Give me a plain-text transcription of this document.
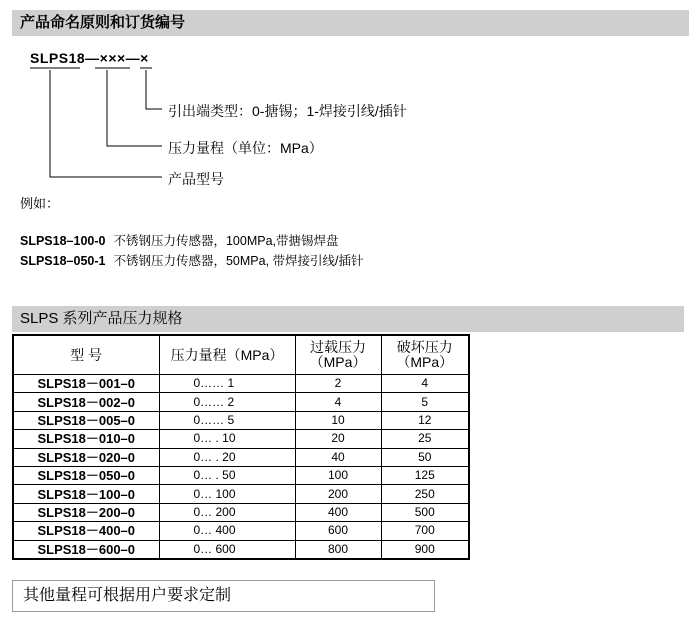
产品命名原则和订货编号
SLPS18—×××—×
引出端类型：0-搪锡；1-焊接引线/插针
压力量程（单位：MPa）
产品型号
例如：
SLPS18–100-0 不锈钢压力传感器，100MPa,带搪锡焊盘
SLPS18–050-1 不锈钢压力传感器，50MPa, 带焊接引线/插针
SLPS 系列产品压力规格
型 号	压力量程（MPa）	过载压力（MPa）	破坏压力（MPa）
SLPS18－001–0	0…… 1	2	4
SLPS18－002–0	0…… 2	4	5
SLPS18－005–0	0…… 5	10	12
SLPS18－010–0	0… . 10	20	25
SLPS18－020–0	0… . 20	40	50
SLPS18－050–0	0… . 50	100	125
SLPS18－100–0	0… 100	200	250
SLPS18－200–0	0… 200	400	500
SLPS18－400–0	0… 400	600	700
SLPS18－600–0	0… 600	800	900
其他量程可根据用户要求定制
